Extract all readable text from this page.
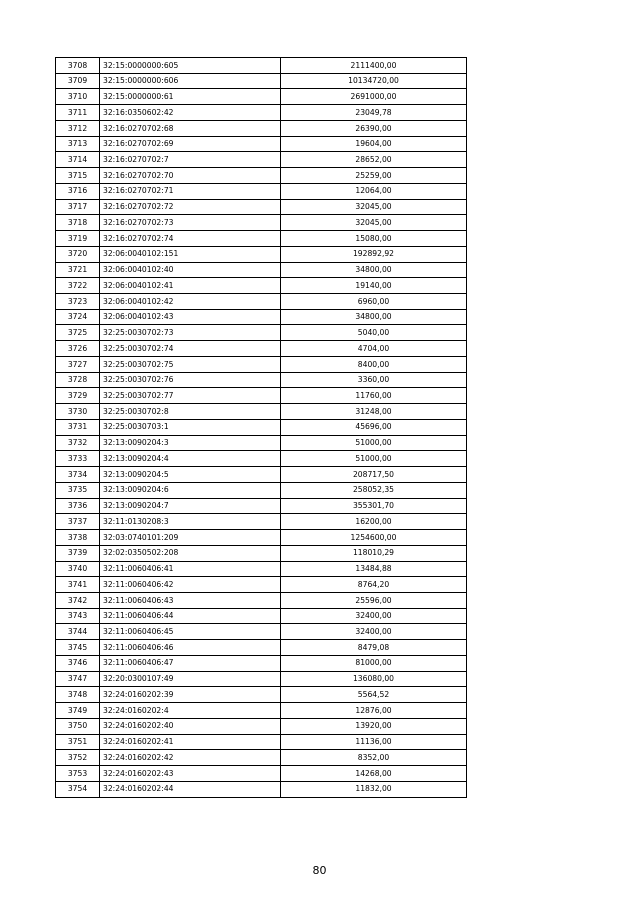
3708	32:15:0000000:605	2111400,00
3709	32:15:0000000:606	10134720,00
3710	32:15:0000000:61	2691000,00
3711	32:16:0350602:42	23049,78
3712	32:16:0270702:68	26390,00
3713	32:16:0270702:69	19604,00
3714	32:16:0270702:7	28652,00
3715	32:16:0270702:70	25259,00
3716	32:16:0270702:71	12064,00
3717	32:16:0270702:72	32045,00
3718	32:16:0270702:73	32045,00
3719	32:16:0270702:74	15080,00
3720	32:06:0040102:151	192892,92
3721	32:06:0040102:40	34800,00
3722	32:06:0040102:41	19140,00
3723	32:06:0040102:42	6960,00
3724	32:06:0040102:43	34800,00
3725	32:25:0030702:73	5040,00
3726	32:25:0030702:74	4704,00
3727	32:25:0030702:75	8400,00
3728	32:25:0030702:76	3360,00
3729	32:25:0030702:77	11760,00
3730	32:25:0030702:8	31248,00
3731	32:25:0030703:1	45696,00
3732	32:13:0090204:3	51000,00
3733	32:13:0090204:4	51000,00
3734	32:13:0090204:5	208717,50
3735	32:13:0090204:6	258052,35
3736	32:13:0090204:7	355301,70
3737	32:11:0130208:3	16200,00
3738	32:03:0740101:209	1254600,00
3739	32:02:0350502:208	118010,29
3740	32:11:0060406:41	13484,88
3741	32:11:0060406:42	8764,20
3742	32:11:0060406:43	25596,00
3743	32:11:0060406:44	32400,00
3744	32:11:0060406:45	32400,00
3745	32:11:0060406:46	8479,08
3746	32:11:0060406:47	81000,00
3747	32:20:0300107:49	136080,00
3748	32:24:0160202:39	5564,52
3749	32:24:0160202:4	12876,00
3750	32:24:0160202:40	13920,00
3751	32:24:0160202:41	11136,00
3752	32:24:0160202:42	8352,00
3753	32:24:0160202:43	14268,00
3754	32:24:0160202:44	11832,00
80
